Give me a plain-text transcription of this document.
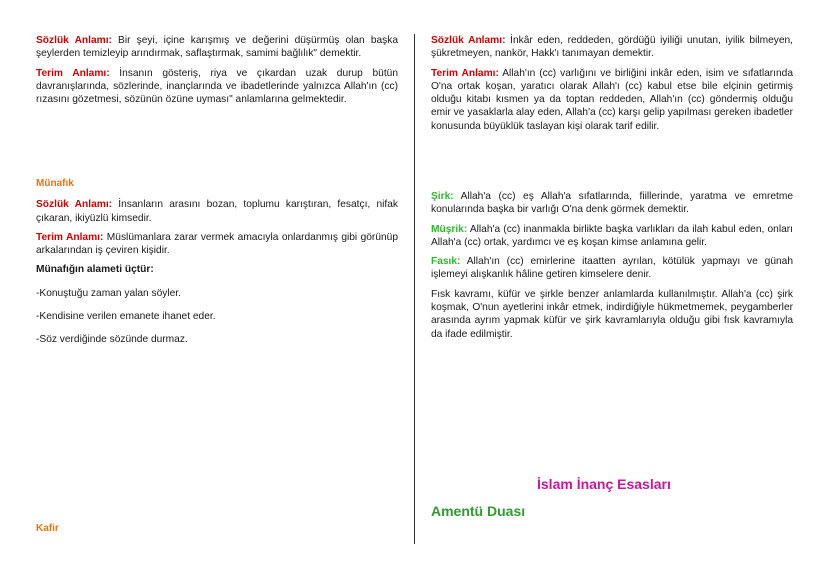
Sözlük Anlamı: Bir şeyi, içine karışmış ve değerini düşürmüş olan başka şeylerden temizleyip arındırmak, saflaştırmak, samimi bağlılık" demektir.

Terim Anlamı: İnsanın gösteriş, riya ve çıkardan uzak durup bütün davranışlarında, sözlerinde, inançlarında ve ibadetlerinde yalnızca Allah'ın (cc) rızasını gözetmesi, sözünün özüne uyması" anlamlarına gelmektedir.

Münafık

Sözlük Anlamı: İnsanların arasını bozan, toplumu karıştıran, fesatçı, nifak çıkaran, ikiyüzlü kimsedir.

Terim Anlamı: Müslümanlara zarar vermek amacıyla onlardanmış gibi görünüp arkalarından iş çeviren kişidir.

Münafığın alameti üçtür:

-Konuştuğu zaman yalan söyler.

-Kendisine verilen emanete ihanet eder.

-Söz verdiğinde sözünde durmaz.

Kafir

Sözlük Anlamı: İnkâr eden, reddeden, gördüğü iyiliği unutan, iyilik bilmeyen, şükretmeyen, nankör, Hakk'ı tanımayan demektir.

Terim Anlamı: Allah'ın (cc) varlığını ve birliğini inkâr eden, isim ve sıfatlarında O'na ortak koşan, yaratıcı olarak Allah'ı (cc) kabul etse bile elçinin getirmiş olduğu kitabı kısmen ya da toptan reddeden, Allah'ın (cc) göndermiş olduğu emir ve yasaklarla alay eden, Allah'a (cc) karşı gelip yapılması gereken ibadetler konusunda büyüklük taslayan kişi olarak tarif edilir.

Şirk: Allah'a (cc) eş Allah'a sıfatlarında, fiillerinde, yaratma ve emretme konularında başka bir varlığı O'na denk görmek demektir.

Müşrik: Allah'a (cc) inanmakla birlikte başka varlıkları da ilah kabul eden, onları Allah'a (cc) ortak, yardımcı ve eş koşan kimse anlamına gelir.

Fasık: Allah'ın (cc) emirlerine itaatten ayrılan, kötülük yapmayı ve günah işlemeyi alışkanlık hâline getiren kimselere denir.

Fısk kavramı, küfür ve şirkle benzer anlamlarda kullanılmıştır. Allah'a (cc) şirk koşmak, O'nun ayetlerini inkâr etmek, indirdiğiyle hükmetmemek, peygamberler arasında ayrım yapmak küfür ve şirk kavramlarıyla olduğu gibi fısk kavramıyla da ifade edilmiştir.

İslam İnanç Esasları
Amentü Duası
